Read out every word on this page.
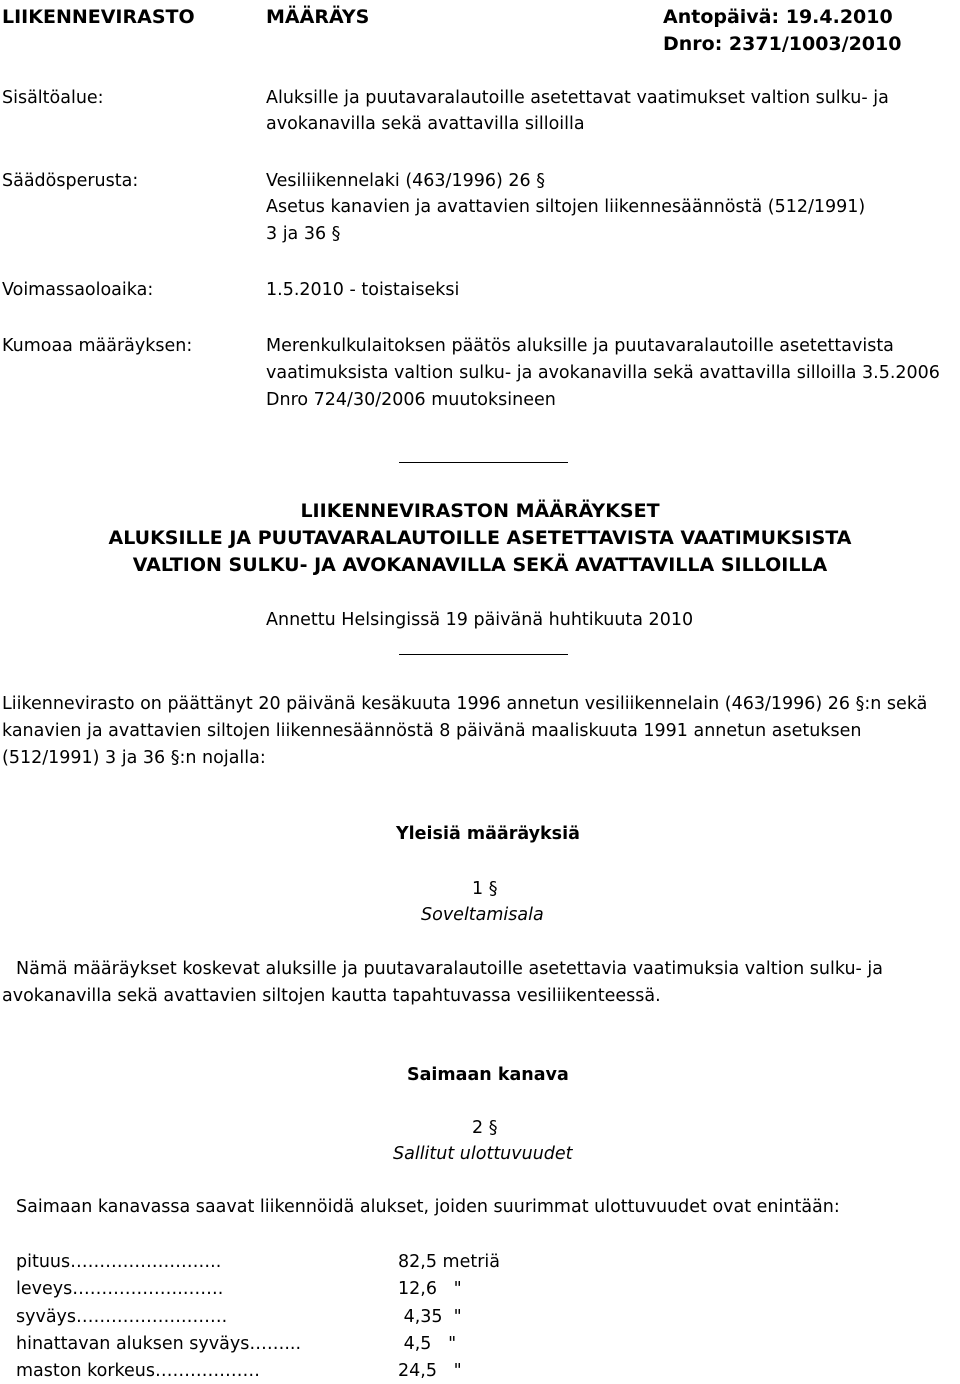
LIIKENNEVIRASTO	MÄÄRÄYS	Antopäivä: 19.4.2010
Dnro: 2371/1003/2010
Sisältöalue:	Aluksille ja puutavaralautoille asetettavat vaatimukset valtion sulku- ja
avokanavilla sekä avattavilla silloilla
Säädösperusta:	Vesiliikennelaki (463/1996) 26 §
Asetus kanavien ja avattavien siltojen liikennesäännöstä (512/1991)
3 ja 36 §
Voimassaoloaika:	1.5.2010 - toistaiseksi
Kumoaa määräyksen:	Merenkulkulaitoksen päätös aluksille ja puutavaralautoille asetettavista
vaatimuksista valtion sulku- ja avokanavilla sekä avattavilla silloilla 3.5.2006
Dnro 724/30/2006 muutoksineen
LIIKENNEVIRASTON MÄÄRÄYKSET
ALUKSILLE JA PUUTAVARALAUTOILLE ASETETTAVISTA VAATIMUKSISTA
VALTION SULKU- JA AVOKANAVILLA SEKÄ AVATTAVILLA SILLOILLA
Annettu Helsingissä 19 päivänä huhtikuuta 2010
Liikennevirasto on päättänyt 20 päivänä kesäkuuta 1996 annetun vesiliikennelain (463/1996) 26 §:n sekä
kanavien ja avattavien siltojen liikennesäännöstä 8 päivänä maaliskuuta 1991 annetun asetuksen
(512/1991) 3 ja 36 §:n nojalla:
Yleisiä määräyksiä
1 §
Soveltamisala
Nämä määräykset koskevat aluksille ja puutavaralautoille asetettavia vaatimuksia valtion sulku- ja
avokanavilla sekä avattavien siltojen kautta tapahtuvassa vesiliikenteessä.
Saimaan kanava
2 §
Sallitut ulottuvuudet
Saimaan kanavassa saavat liikennöidä alukset, joiden suurimmat ulottuvuudet ovat enintään:
pituus……………………..	82,5 metriä
leveys……………….…….	12,6   "
syväys……………….…….	4,35  "
hinattavan aluksen syväys……...	4,5   "
maston korkeus………………	24,5   "
